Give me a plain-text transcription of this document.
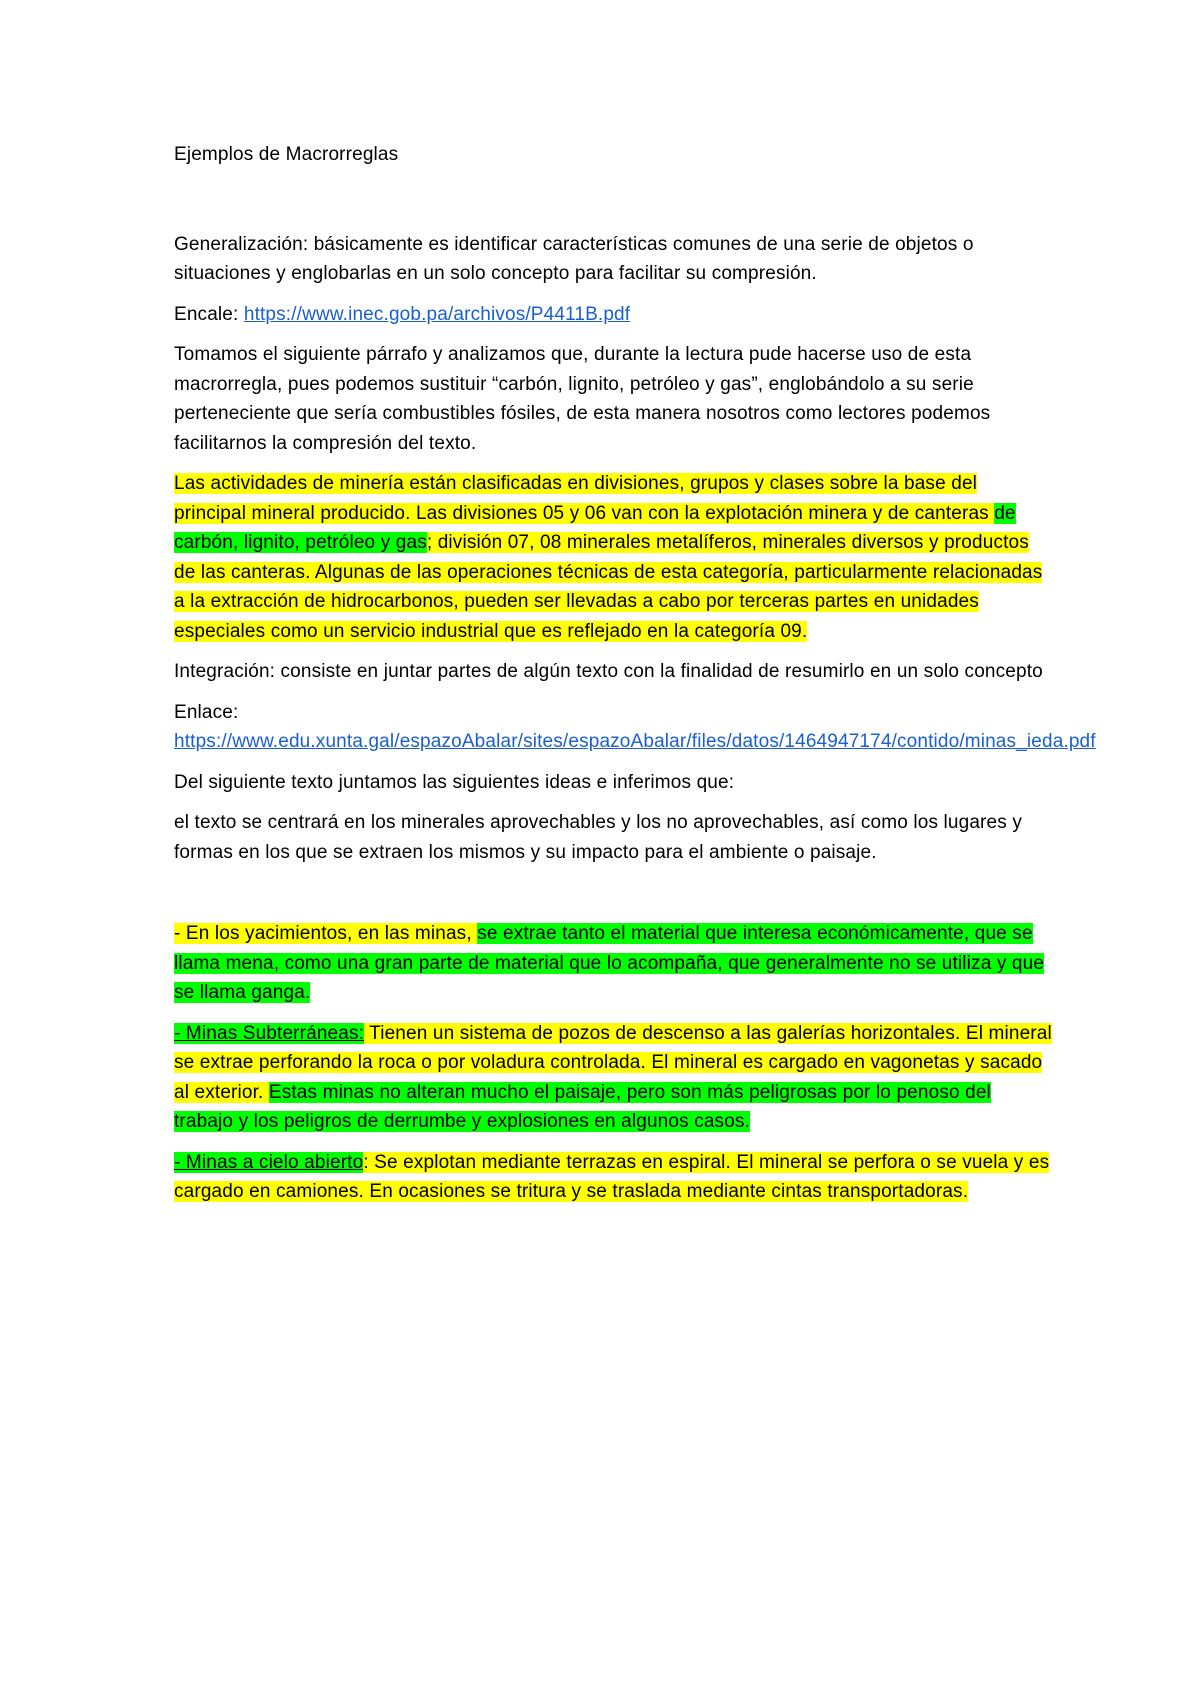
Ejemplos de Macrorreglas

Generalización: básicamente es identificar características comunes de una serie de objetos o situaciones y englobarlas en un solo concepto para facilitar su compresión.

Encale: https://www.inec.gob.pa/archivos/P4411B.pdf

Tomamos el siguiente párrafo y analizamos que, durante la lectura pude hacerse uso de esta macrorregla, pues podemos sustituir “carbón, lignito, petróleo y gas”, englobándolo a su serie perteneciente que sería combustibles fósiles, de esta manera nosotros como lectores podemos facilitarnos la compresión del texto.

Las actividades de minería están clasificadas en divisiones, grupos y clases sobre la base del principal mineral producido. Las divisiones 05 y 06 van con la explotación minera y de canteras de carbón, lignito, petróleo y gas; división 07, 08 minerales metalíferos, minerales diversos y productos de las canteras. Algunas de las operaciones técnicas de esta categoría, particularmente relacionadas a la extracción de hidrocarbonos, pueden ser llevadas a cabo por terceras partes en unidades especiales como un servicio industrial que es reflejado en la categoría 09.

Integración: consiste en juntar partes de algún texto con la finalidad de resumirlo en un solo concepto

Enlace:
https://www.edu.xunta.gal/espazoAbalar/sites/espazoAbalar/files/datos/1464947174/contido/minas_ieda.pdf

Del siguiente texto juntamos las siguientes ideas e inferimos que:

el texto se centrará en los minerales aprovechables y los no aprovechables, así como los lugares y formas en los que se extraen los mismos y su impacto para el ambiente o paisaje.

- En los yacimientos, en las minas, se extrae tanto el material que interesa económicamente, que se llama mena, como una gran parte de material que lo acompaña, que generalmente no se utiliza y que se llama ganga.

- Minas Subterráneas: Tienen un sistema de pozos de descenso a las galerías horizontales. El mineral se extrae perforando la roca o por voladura controlada. El mineral es cargado en vagonetas y sacado al exterior. Estas minas no alteran mucho el paisaje, pero son más peligrosas por lo penoso del trabajo y los peligros de derrumbe y explosiones en algunos casos.

- Minas a cielo abierto: Se explotan mediante terrazas en espiral. El mineral se perfora o se vuela y es cargado en camiones. En ocasiones se tritura y se traslada mediante cintas transportadoras.
